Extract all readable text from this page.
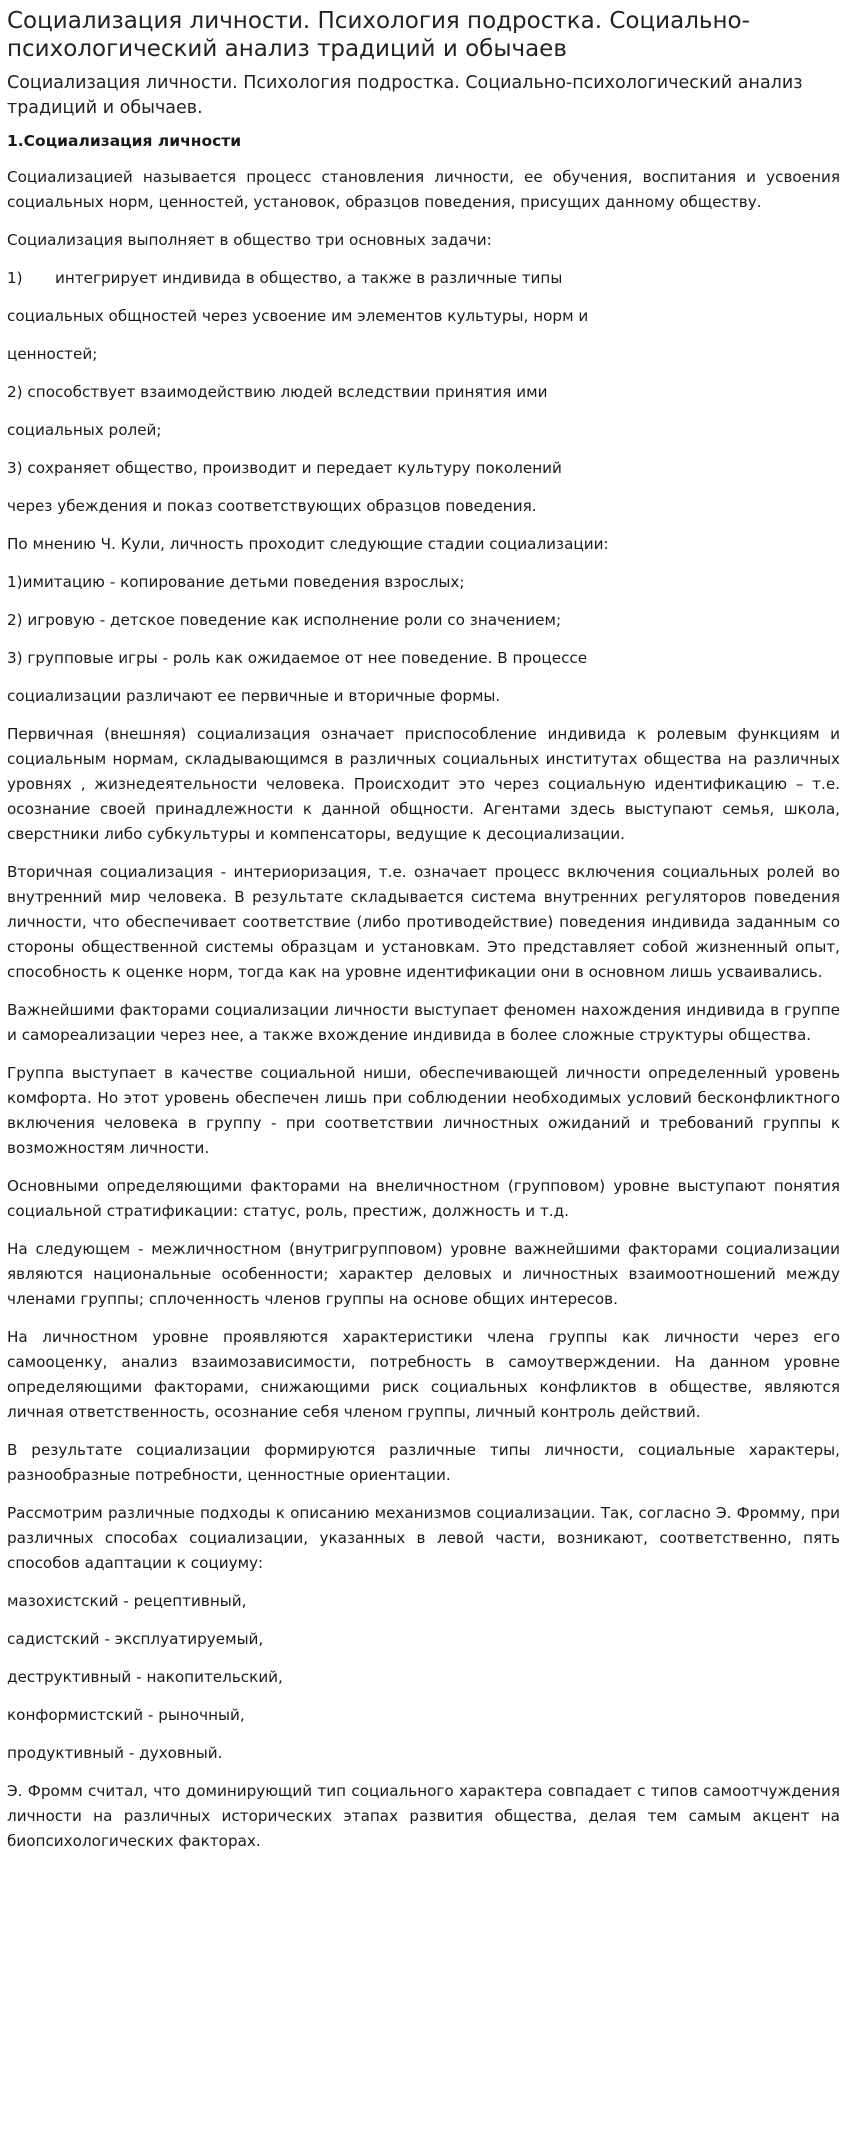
Социализация личности. Психология подростка. Социально-психологический анализ традиций и обычаев

Социализация личности. Психология подростка. Социально-психологический анализ традиций и обычаев.

1.Социализация личности

Социализацией называется процесс становления личности, ее обучения, воспитания и усвоения социальных норм, ценностей, установок, образцов поведения, присущих данному обществу.

Социализация выполняет в общество три основных задачи:

1) интегрирует индивида в общество, а также в различные типы

социальных общностей через усвоение им элементов культуры, норм и

ценностей;

2) способствует взаимодействию людей вследствии принятия ими

социальных ролей;

3) сохраняет общество, производит и передает культуру поколений

через убеждения и показ соответствующих образцов поведения.

По мнению Ч. Кули, личность проходит следующие стадии социализации:

1)имитацию - копирование детьми поведения взрослых;

2) игровую - детское поведение как исполнение роли со значением;

3) групповые игры - роль как ожидаемое от нее поведение. В процессе

социализации различают ее первичные и вторичные формы.

Первичная (внешняя) социализация означает приспособление индивида к ролевым функциям и социальным нормам, складывающимся в различных социальных институтах общества на различных уровнях , жизнедеятельности человека. Происходит это через социальную идентификацию – т.е. осознание своей принадлежности к данной общности. Агентами здесь выступают семья, школа, сверстники либо субкультуры и компенсаторы, ведущие к десоциализации.

Вторичная социализация - интериоризация, т.е. означает процесс включения социальных ролей во внутренний мир человека. В результате складывается система внутренних регуляторов поведения личности, что обеспечивает соответствие (либо противодействие) поведения индивида заданным со стороны общественной системы образцам и установкам. Это представляет собой жизненный опыт, способность к оценке норм, тогда как на уровне идентификации они в основном лишь усваивались.

Важнейшими факторами социализации личности выступает феномен нахождения индивида в группе и самореализации через нее, а также вхождение индивида в более сложные структуры общества.

Группа выступает в качестве социальной ниши, обеспечивающей личности определенный уровень комфорта. Но этот уровень обеспечен лишь при соблюдении необходимых условий бесконфликтного включения человека в группу - при соответствии личностных ожиданий и требований группы к возможностям личности.

Основными определяющими факторами на внеличностном (групповом) уровне выступают понятия социальной стратификации: статус, роль, престиж, должность и т.д.

На следующем - межличностном (внутригрупповом) уровне важнейшими факторами социализации являются национальные особенности; характер деловых и личностных взаимоотношений между членами группы; сплоченность членов группы на основе общих интересов.

На личностном уровне проявляются характеристики члена группы как личности через его самооценку, анализ взаимозависимости, потребность в самоутверждении. На данном уровне определяющими факторами, снижающими риск социальных конфликтов в обществе, являются личная ответственность, осознание себя членом группы, личный контроль действий.

В результате социализации формируются различные типы личности, социальные характеры, разнообразные потребности, ценностные ориентации.

Рассмотрим различные подходы к описанию механизмов социализации. Так, согласно Э. Фромму, при различных способах социализации, указанных в левой части, возникают, соответственно, пять способов адаптации к социуму:

мазохистский - рецептивный,

садистский - эксплуатируемый,

деструктивный - накопительский,

конформистский - рыночный,

продуктивный - духовный.

Э. Фромм считал, что доминирующий тип социального характера совпадает с типов самоотчуждения личности на различных исторических этапах развития общества, делая тем самым акцент на биопсихологических факторах.
